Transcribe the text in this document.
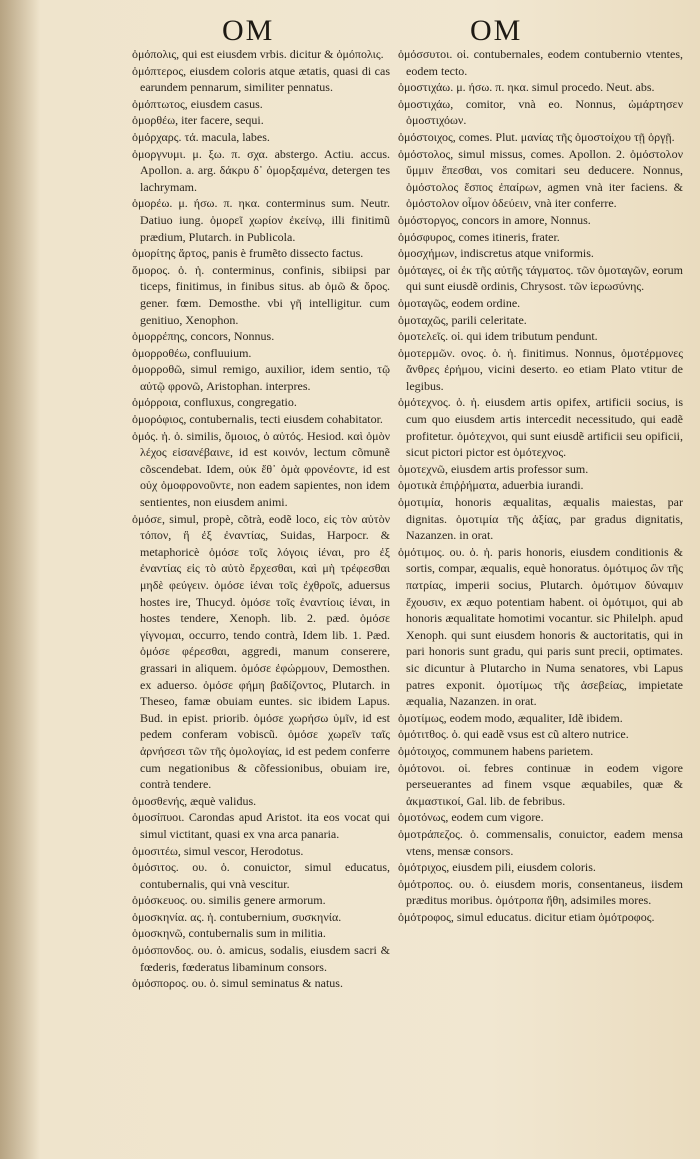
OM	OM
ὁμόπολις, qui est eiusdem vrbis. dicitur & ὁμόπολις.
ὁμόπτερος, eiusdem coloris atque ætatis, quasi di cas earundem pennarum, similiter pennatus.
ὁμόπτωτος, eiusdem casus.
ὁμορθέω, iter facere, sequi.
ὁμόρχαρς. τά. macula, labes.
ὁμοργνυμι. μ. ξω. π. σχα. abstergo. Actiu. accus. Apollon. a. arg. δάκρυ δ᾽ ὀμορξαμένα, detergen tes lachrymam.
ὁμορέω. μ. ήσω. π. ηκα. conterminus sum. Neutr. Datiuo iung. ὁμορεῖ χωρίον ἐκείνῳ, illi finitimũ prædium, Plutarch. in Publicola.
ὁμορίτης ἄρτος, panis è frumẽto disseсto factus.
ὅμορος. ὁ. ἡ. conterminus, confinis, sibiipsi par ticeps, finitimus, in finibus situs. ab ὁμῶ & ὅρος. gener. fœm. Demosthe. vbi γῆ intelligitur. cum genitiuo, Xenophon.
ὁμορρέπης, concors, Nonnus.
ὁμορροθέω, confluuium.
ὁμορροθῶ, simul remigo, auxilior, idem sentio, τῷ αὐτῷ φρονῶ, Aristophan. interpres.
ὁμόρροια, confluxus, congregatio.
ὁμορόφιος, contubernalis, tecti eiusdem cohabitator.
ὁμός. ἡ. ὁ. similis, ὅμοιος, ὁ αὐτός. Hesiod. καὶ ὁμὸν λέχος εἰσανέβαινε, id est κοινόν, lectum cõmunẽ cõscendebat. Idem, οὐκ ἔθ᾽ ὁμὰ φρονέοντε, id est οὐχ ὁμοφρονοῦντε, non eadem sapientes, non idem sentientes, non eiusdem animi.
ὁμόσε, simul, propè, cõtrà, eodẽ loco, εἰς τὸν αὐτὸν τόπον, ἢ ἐξ ἐναντίας, Suidas, Harpocr. & metaphoricè ὁμόσε τοῖς λόγοις ἰέναι, pro ἐξ ἐναντίας εἰς τὸ αὐτὸ ἔρχεσθαι, καὶ μὴ τρέφεσθαι μηδὲ φεύγειν. ὁμόσε ἰέναι τοῖς ἐχθροῖς, aduersus hostes ire, Thucyd. ὁμόσε τοῖς ἐναντίοις ἰέναι, in hostes tendere, Xenoph. lib. 2. pæd. ὁμόσε γίγνομαι, occurro, tendo contrà, Idem lib. 1. Pæd. ὁμόσε φέρεσθαι, aggredi, manum conserere, grassari in aliquem. ὁμόσε ἐφώρμουν, Demosthen. ex aduerso. ὁμόσε φήμη βαδίζοντος, Plutarch. in Theseo, famæ obuiam euntes. sic ibidem Lapus. Bud. in epist. priorib. ὁμόσε χωρήσω ὑμῖν, id est pedem conferam vobiscũ. ὁμόσε χωρεῖν ταῖς ἀρνήσεσι τῶν τῆς ὁμολογίας, id est pedem conferre cum negationibus & cõfessionibus, obuiam ire, contrà tendere.
ὁμοσθενής, æquè validus.
ὁμοσίπυοι. Carondas apud Aristot. ita eos vocat qui simul victitant, quasi ex vna arca panaria.
ὁμοσιτέω, simul vescor, Herodotus.
ὁμόσιτος. ου. ὁ. conuictor, simul educatus, contubernalis, qui vnà vescitur.
ὁμόσκευος. ου. similis genere armorum.
ὁμοσκηνία. ας. ἡ. contubernium, συσκηνία.
ὁμοσκηνῶ, contubernalis sum in militia.
ὁμόσπονδος. ου. ὁ. amicus, sodalis, eiusdem sacri & fœderis, fœderatus libaminum consors.
ὁμόσπορος. ου. ὁ. simul seminatus & natus.
ὁμόσσυτοι. οἱ. contubernales, eodem contubernio vtentes, eodem tecto.
ὁμοστιχάω. μ. ήσω. π. ηκα. simul procedo. Neut. abs.
ὁμοστιχάω, comitor, vnà eo. Nonnus, ὡμάρτησεν ὁμοστιχόων.
ὁμόστοιχος, comes. Plut. μανίας τῆς ὁμοστοίχου τῇ ὀργῇ.
ὁμόστολος, simul missus, comes. Apollon. 2. ὁμόστολον ὔμμιν ἕπεσθαι, vos comitari seu deducere. Nonnus, ὁμόστολος ἔσπος ἐπαίρων, agmen vnà iter faciens. & ὁμόστολον οἶμον ὁδεύειν, vnà iter conferre.
ὁμόστοργος, concors in amore, Nonnus.
ὁμόσφυρος, comes itineris, frater.
ὁμοσχήμων, indiscretus atque vniformis.
ὁμόταγες, οἱ ἐκ τῆς αὐτῆς τάγματος. τῶν ὁμοταγῶν, eorum qui sunt eiusdẽ ordinis, Chrysost. τῶν ἱερωσύνης.
ὁμοταγῶς, eodem ordine.
ὁμοταχῶς, parili celeritate.
ὁμοτελεῖς. οἱ. qui idem tributum pendunt.
ὁμοτερμῶν. ονος. ὁ. ἡ. finitimus. Nonnus, ὁμοτέρμονες ἄνθρες ἐρήμου, vicini deserto. eo etiam Plato vtitur de legibus.
ὁμότεχνος. ὁ. ἡ. eiusdem artis opifex, artificii socius, is cum quo eiusdem artis intercedit necessitudo, qui eadẽ profitetur. ὁμότεχνοι, qui sunt eiusdẽ artificii seu opificii, sicut pictori pictor est ὁμότεχνος.
ὁμοτεχνῶ, eiusdem artis professor sum.
ὁμοτικὰ ἐπιῤῥήματα, aduerbia iurandi.
ὁμοτιμία, honoris æqualitas, æqualis maiestas, par dignitas. ὁμοτιμία τῆς ἀξίας, par gradus dignitatis, Nazanzen. in orat.
ὁμότιμος. ου. ὁ. ἡ. paris honoris, eiusdem conditionis & sortis, compar, æqualis, equè honoratus. ὁμότιμος ὢν τῆς πατρίας, imperii socius, Plutarch. ὁμότιμον δύναμιν ἔχουσιν, ex æquo potentiam habent. οἱ ὁμότιμοι, qui ab honoris æqualitate homotimi vocantur. sic Philelph. apud Xenoph. qui sunt eiusdem honoris & auctoritatis, qui in pari honoris sunt gradu, qui paris sunt precii, optimates. sic dicuntur à Plutarcho in Numa senatores, vbi Lapus patres exponit. ὁμοτίμως τῆς ἀσεβείας, impietate æqualia, Nazanzen. in orat.
ὁμοτίμως, eodem modo, æqualiter, Idẽ ibidem.
ὁμότιτθος. ὁ. qui eadẽ vsus est cũ altero nutrice.
ὁμότοιχος, communem habens parietem.
ὁμότονοι. οἱ. febres continuæ in eodem vigore perseuerantes ad finem vsque æquabiles, quæ & ἀκμαστικοί, Gal. lib. de febribus.
ὁμοτόνως, eodem cum vigore.
ὁμοτράπεζος. ὁ. commensalis, conuictor, eadem mensa vtens, mensæ consors.
ὁμότριχος, eiusdem pili, eiusdem coloris.
ὁμότροπος. ου. ὁ. eiusdem moris, consentaneus, iisdem præditus moribus. ὁμότροπα ἤθη, adsimiles mores.
ὁμότροφος, simul educatus. dicitur etiam ὁμότροφος.
